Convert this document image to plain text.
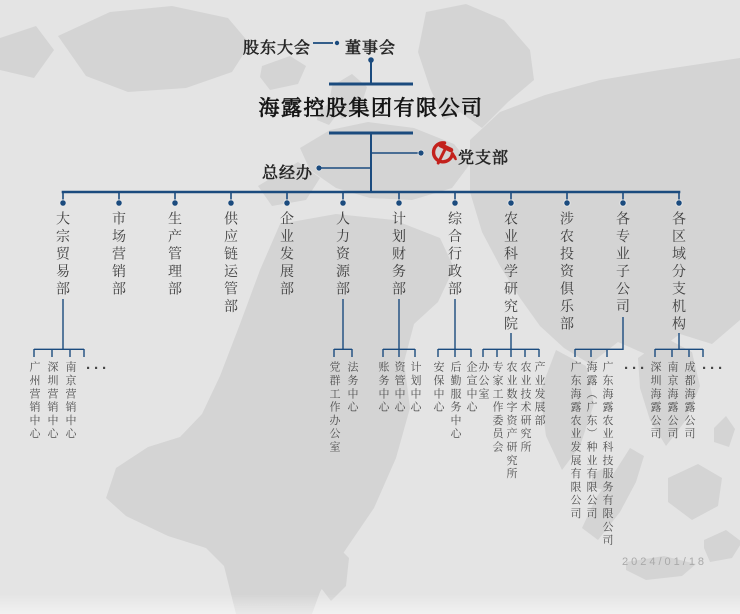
股东大会 董事会
海露控股集团有限公司
总经办
党支部
大宗贸易部	市场营销部	生产管理部	供应链运管部	企业发展部	人力资源部	计划财务部	综合行政部	农业科学研究院	涉农投资俱乐部	各专业子公司	各区域分支机构
广州营销中心 深圳营销中心 南京营销中心 ···	党群工作办公室 法务中心 账务中心 资管中心 计划中心 安保中心 后勤服务中心 企宣中心 办公室 专家工作委员会 农业数字资产研究所 农业技术研究所 产业发展部 广东海露农业发展有限公司 海露（广东）种业有限公司 广东海露农业科技服务有限公司 ··· 深圳海露公司 南京海露公司 成都海露公司 ···
2024/01/18
